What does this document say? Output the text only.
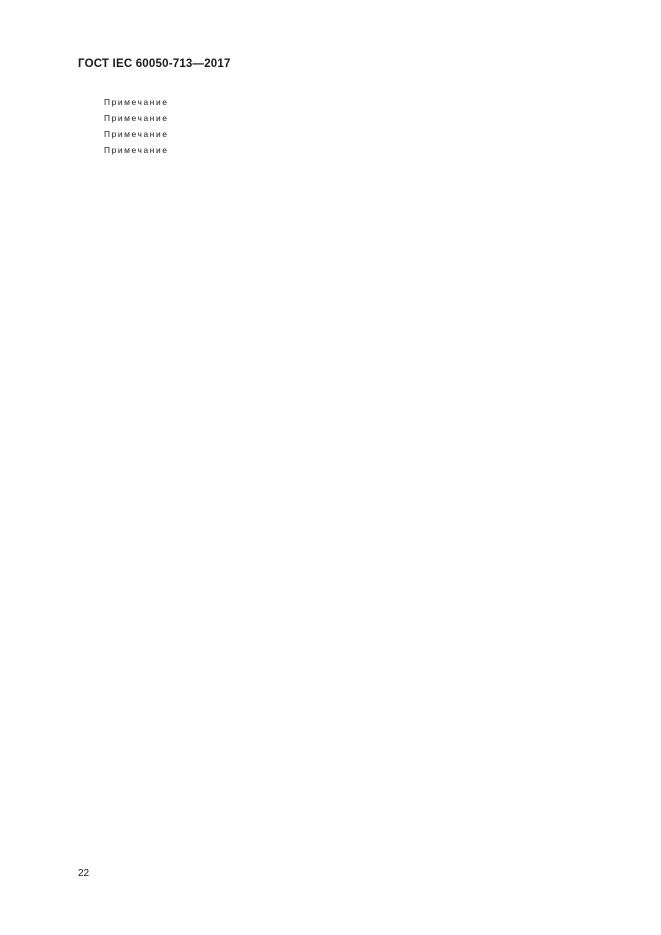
ГОСТ IEC 60050-713—2017

Примечание

Примечание

Примечание

Примечание

22
